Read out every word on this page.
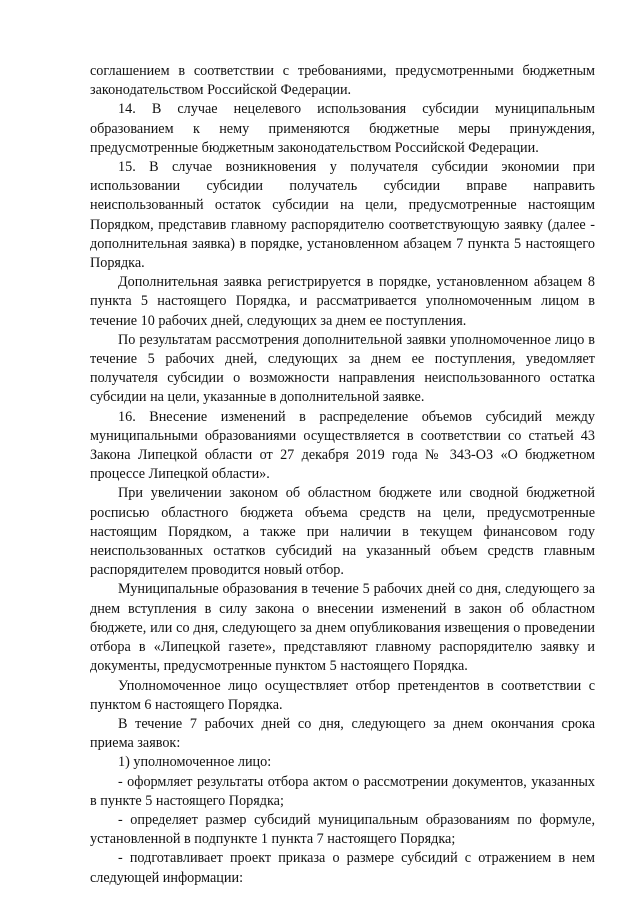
соглашением в соответствии с требованиями, предусмотренными бюджетным законодательством Российской Федерации.

14. В случае нецелевого использования субсидии муниципальным образованием к нему применяются бюджетные меры принуждения, предусмотренные бюджетным законодательством Российской Федерации.

15. В случае возникновения у получателя субсидии экономии при использовании субсидии получатель субсидии вправе направить неиспользованный остаток субсидии на цели, предусмотренные настоящим Порядком, представив главному распорядителю соответствующую заявку (далее - дополнительная заявка) в порядке, установленном абзацем 7 пункта 5 настоящего Порядка.

Дополнительная заявка регистрируется в порядке, установленном абзацем 8 пункта 5 настоящего Порядка, и рассматривается уполномоченным лицом в течение 10 рабочих дней, следующих за днем ее поступления.

По результатам рассмотрения дополнительной заявки уполномоченное лицо в течение 5 рабочих дней, следующих за днем ее поступления, уведомляет получателя субсидии о возможности направления неиспользованного остатка субсидии на цели, указанные в дополнительной заявке.

16. Внесение изменений в распределение объемов субсидий между муниципальными образованиями осуществляется в соответствии со статьей 43 Закона Липецкой области от 27 декабря 2019 года № 343-ОЗ «О бюджетном процессе Липецкой области».

При увеличении законом об областном бюджете или сводной бюджетной росписью областного бюджета объема средств на цели, предусмотренные настоящим Порядком, а также при наличии в текущем финансовом году неиспользованных остатков субсидий на указанный объем средств главным распорядителем проводится новый отбор.

Муниципальные образования в течение 5 рабочих дней со дня, следующего за днем вступления в силу закона о внесении изменений в закон об областном бюджете, или со дня, следующего за днем опубликования извещения о проведении отбора в «Липецкой газете», представляют главному распорядителю заявку и документы, предусмотренные пунктом 5 настоящего Порядка.

Уполномоченное лицо осуществляет отбор претендентов в соответствии с пунктом 6 настоящего Порядка.

В течение 7 рабочих дней со дня, следующего за днем окончания срока приема заявок:

1) уполномоченное лицо:

- оформляет результаты отбора актом о рассмотрении документов, указанных в пункте 5 настоящего Порядка;

- определяет размер субсидий муниципальным образованиям по формуле, установленной в подпункте 1 пункта 7 настоящего Порядка;

- подготавливает проект приказа о размере субсидий с отражением в нем следующей информации:
